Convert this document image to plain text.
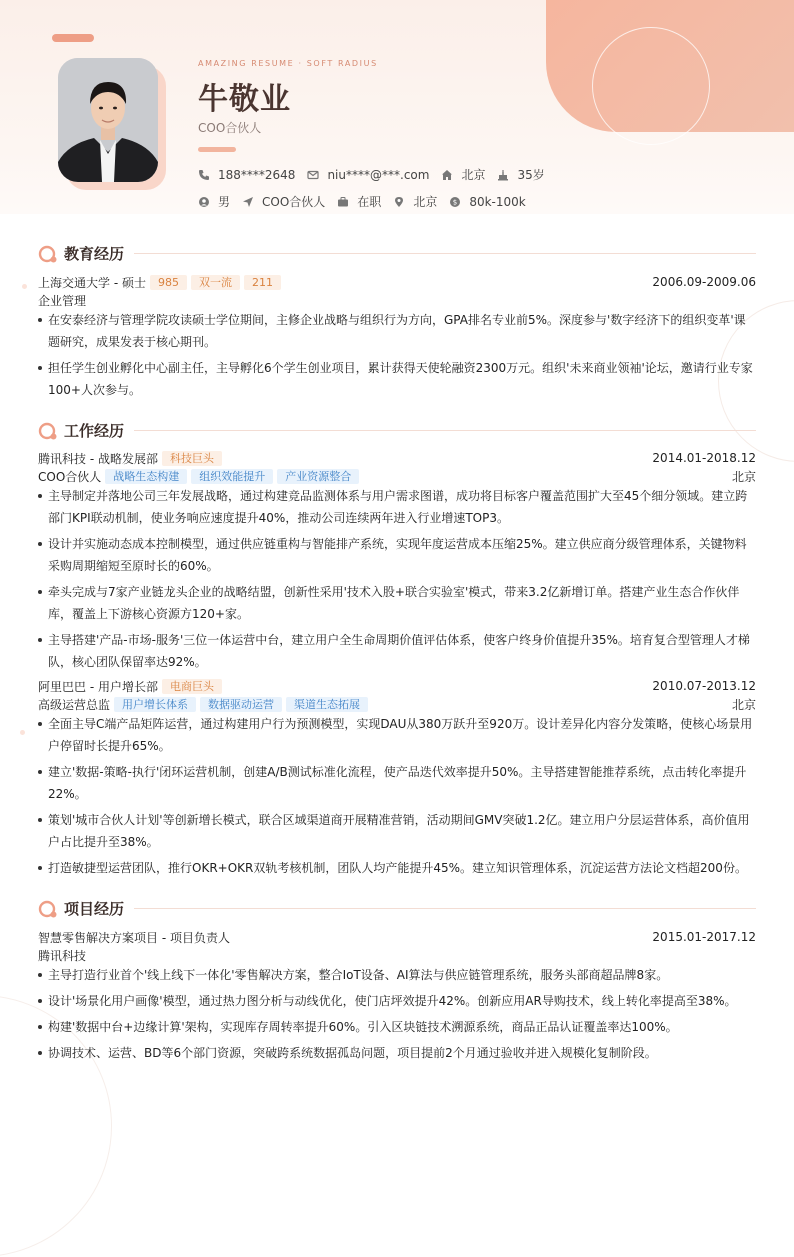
AMAZING RESUME · SOFT RADIUS
牛敬业
COO合伙人
188****2648	niu****@***.com	北京	35岁
男	COO合伙人	在职	北京 $ 80k-100k
教育经历
上海交通大学 - 硕士	985	双一流	211	2006.09-2009.06
企业管理
在安泰经济与管理学院攻读硕士学位期间，主修企业战略与组织行为方向，GPA排名专业前5%。深度参与'数字经济下的组织变革'课题研究，成果发表于核心期刊。
担任学生创业孵化中心副主任，主导孵化6个学生创业项目，累计获得天使轮融资2300万元。组织'未来商业领袖'论坛，邀请行业专家100+人次参与。
工作经历
腾讯科技 - 战略发展部	科技巨头	2014.01-2018.12
COO合伙人	战略生态构建	组织效能提升	产业资源整合	北京
主导制定并落地公司三年发展战略，通过构建竞品监测体系与用户需求图谱，成功将目标客户覆盖范围扩大至45个细分领域。建立跨部门KPI联动机制，使业务响应速度提升40%，推动公司连续两年进入行业增速TOP3。
设计并实施动态成本控制模型，通过供应链重构与智能排产系统，实现年度运营成本压缩25%。建立供应商分级管理体系，关键物料采购周期缩短至原时长的60%。
牵头完成与7家产业链龙头企业的战略结盟，创新性采用'技术入股+联合实验室'模式，带来3.2亿新增订单。搭建产业生态合作伙伴库，覆盖上下游核心资源方120+家。
主导搭建'产品-市场-服务'三位一体运营中台，建立用户全生命周期价值评估体系，使客户终身价值提升35%。培育复合型管理人才梯队，核心团队保留率达92%。
阿里巴巴 - 用户增长部	电商巨头	2010.07-2013.12
高级运营总监	用户增长体系	数据驱动运营	渠道生态拓展	北京
全面主导C端产品矩阵运营，通过构建用户行为预测模型，实现DAU从380万跃升至920万。设计差异化内容分发策略，使核心场景用户停留时长提升65%。
建立'数据-策略-执行'闭环运营机制，创建A/B测试标准化流程，使产品迭代效率提升50%。主导搭建智能推荐系统，点击转化率提升22%。
策划'城市合伙人计划'等创新增长模式，联合区域渠道商开展精准营销，活动期间GMV突破1.2亿。建立用户分层运营体系，高价值用户占比提升至38%。
打造敏捷型运营团队，推行OKR+OKR双轨考核机制，团队人均产能提升45%。建立知识管理体系，沉淀运营方法论文档超200份。
项目经历
智慧零售解决方案项目 - 项目负责人	2015.01-2017.12
腾讯科技
主导打造行业首个'线上线下一体化'零售解决方案，整合IoT设备、AI算法与供应链管理系统，服务头部商超品牌8家。
设计'场景化用户画像'模型，通过热力图分析与动线优化，使门店坪效提升42%。创新应用AR导购技术，线上转化率提高至38%。
构建'数据中台+边缘计算'架构，实现库存周转率提升60%。引入区块链技术溯源系统，商品正品认证覆盖率达100%。
协调技术、运营、BD等6个部门资源，突破跨系统数据孤岛问题，项目提前2个月通过验收并进入规模化复制阶段。
